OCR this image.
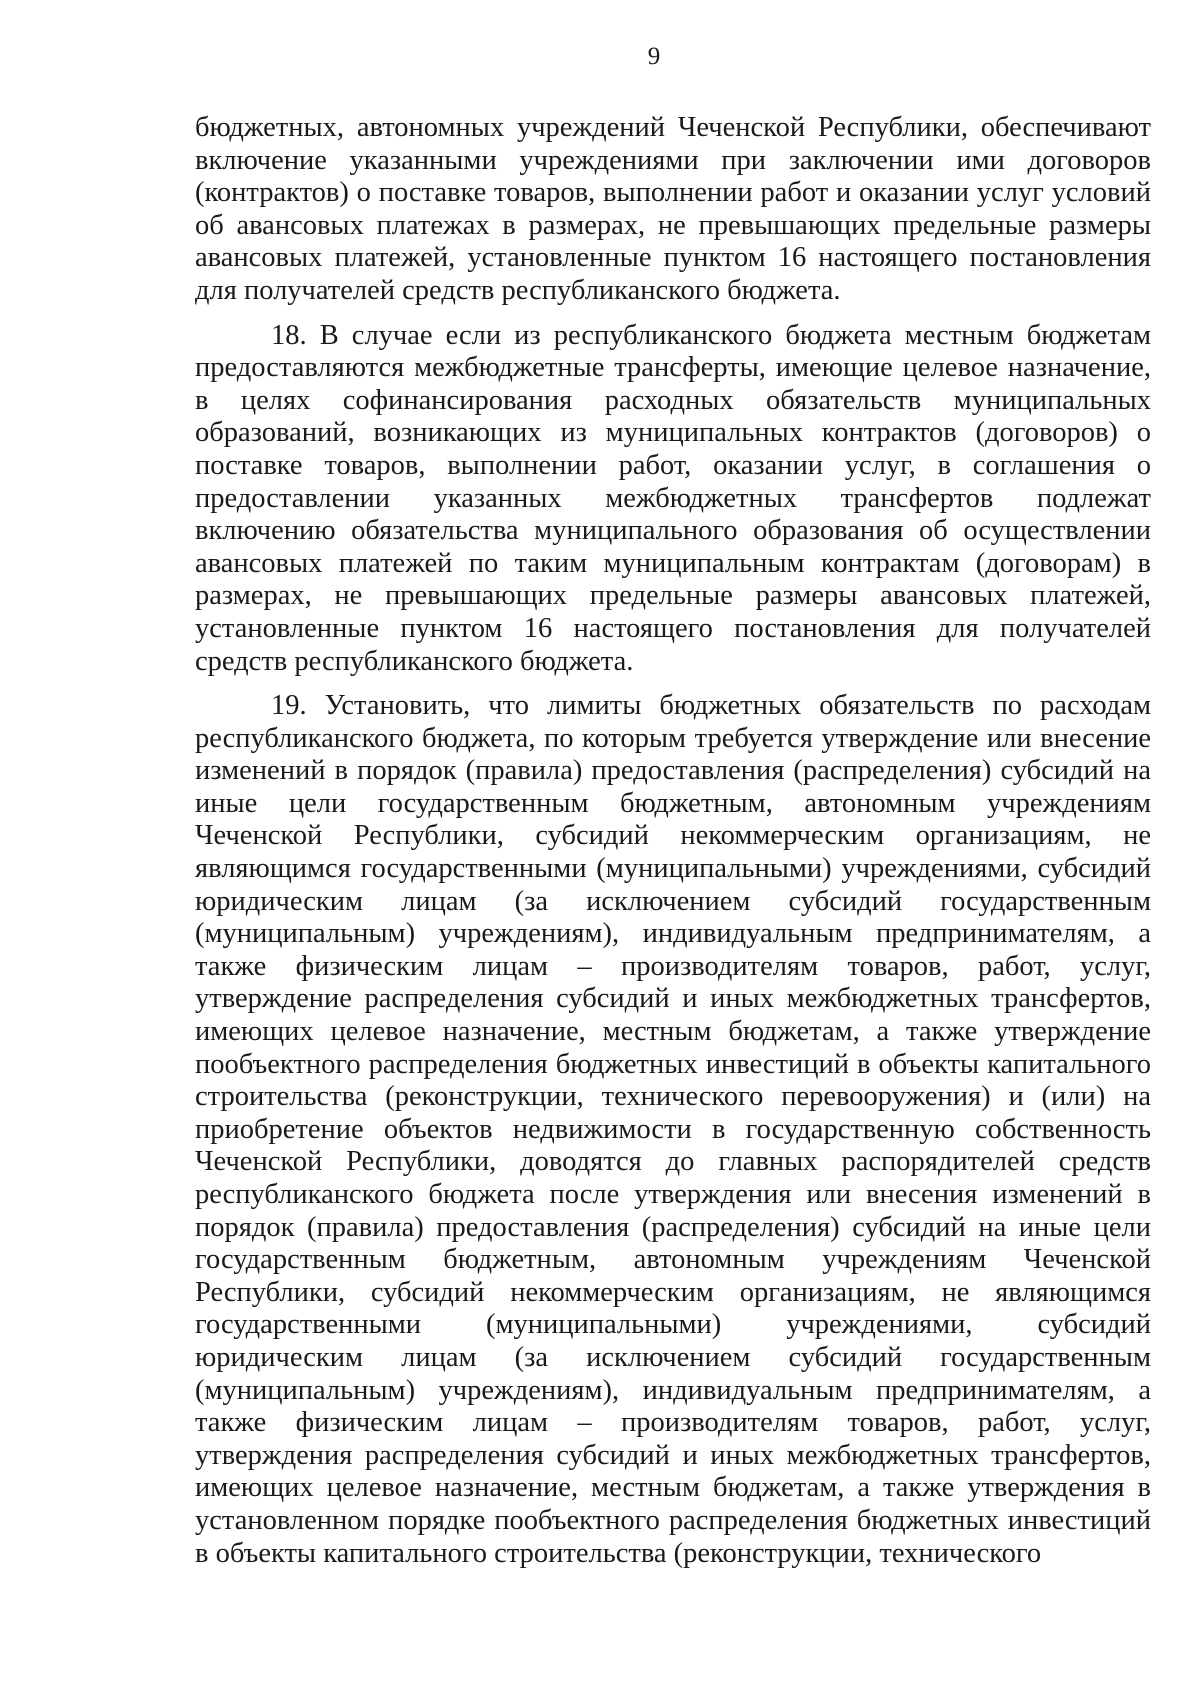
9

бюджетных, автономных учреждений Чеченской Республики, обеспечивают включение указанными учреждениями при заключении ими договоров (контрактов) о поставке товаров, выполнении работ и оказании услуг условий об авансовых платежах в размерах, не превышающих предельные размеры авансовых платежей, установленные пунктом 16 настоящего постановления для получателей средств республиканского бюджета.

18. В случае если из республиканского бюджета местным бюджетам предоставляются межбюджетные трансферты, имеющие целевое назначение, в целях софинансирования расходных обязательств муниципальных образований, возникающих из муниципальных контрактов (договоров) о поставке товаров, выполнении работ, оказании услуг, в соглашения о предоставлении указанных межбюджетных трансфертов подлежат включению обязательства муниципального образования об осуществлении авансовых платежей по таким муниципальным контрактам (договорам) в размерах, не превышающих предельные размеры авансовых платежей, установленные пунктом 16 настоящего постановления для получателей средств республиканского бюджета.

19. Установить, что лимиты бюджетных обязательств по расходам республиканского бюджета, по которым требуется утверждение или внесение изменений в порядок (правила) предоставления (распределения) субсидий на иные цели государственным бюджетным, автономным учреждениям Чеченской Республики, субсидий некоммерческим организациям, не являющимся государственными (муниципальными) учреждениями, субсидий юридическим лицам (за исключением субсидий государственным (муниципальным) учреждениям), индивидуальным предпринимателям, а также физическим лицам – производителям товаров, работ, услуг, утверждение распределения субсидий и иных межбюджетных трансфертов, имеющих целевое назначение, местным бюджетам, а также утверждение пообъектного распределения бюджетных инвестиций в объекты капитального строительства (реконструкции, технического перевооружения) и (или) на приобретение объектов недвижимости в государственную собственность Чеченской Республики, доводятся до главных распорядителей средств республиканского бюджета после утверждения или внесения изменений в порядок (правила) предоставления (распределения) субсидий на иные цели государственным бюджетным, автономным учреждениям Чеченской Республики, субсидий некоммерческим организациям, не являющимся государственными (муниципальными) учреждениями, субсидий юридическим лицам (за исключением субсидий государственным (муниципальным) учреждениям), индивидуальным предпринимателям, а также физическим лицам – производителям товаров, работ, услуг, утверждения распределения субсидий и иных межбюджетных трансфертов, имеющих целевое назначение, местным бюджетам, а также утверждения в установленном порядке пообъектного распределения бюджетных инвестиций в объекты капитального строительства (реконструкции, технического
